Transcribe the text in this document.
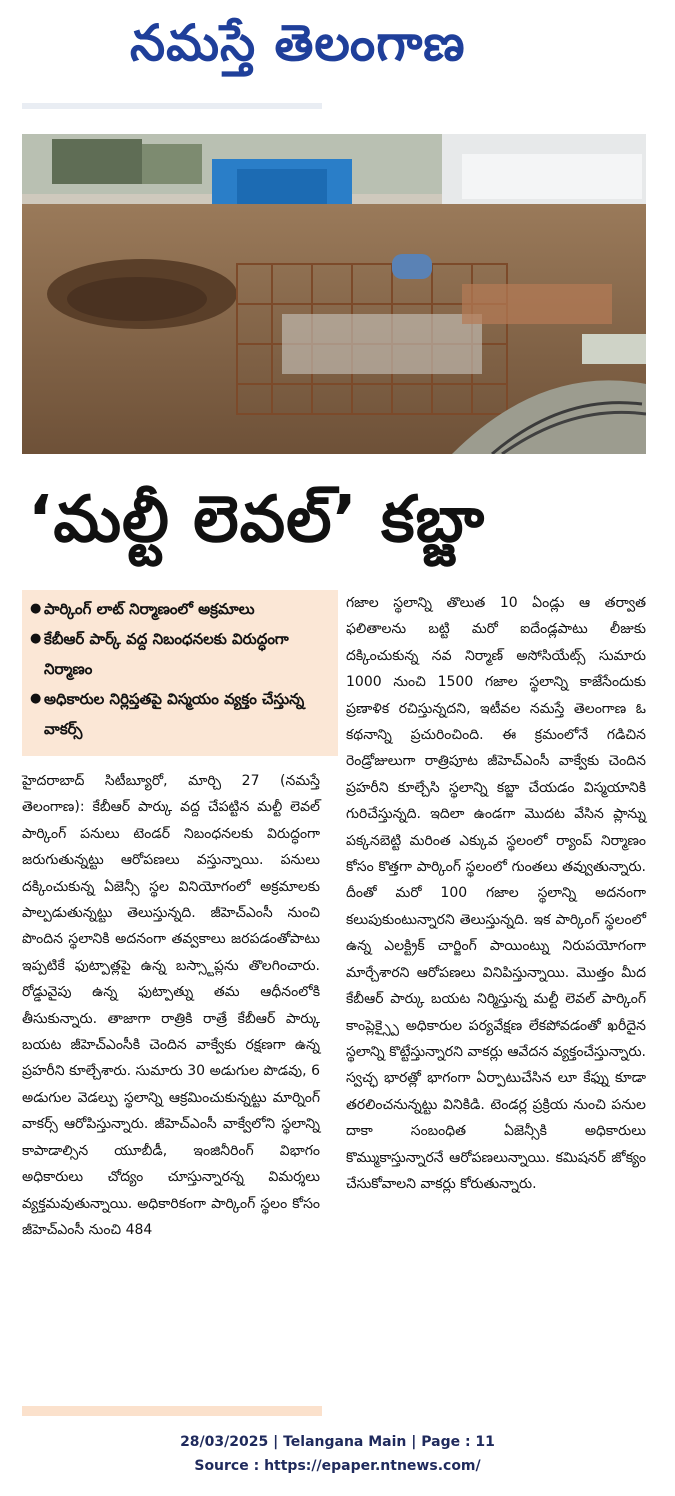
నమస్తే తెలంగాణ
‘మల్టీ లెవల్’ కబ్జా
● పార్కింగ్ లాట్ నిర్మాణంలో అక్రమాలు
● కేబీఆర్ పార్క్ వద్ద నిబంధనలకు విరుద్ధంగా నిర్మాణం
● అధికారుల నిర్లిప్తతపై విస్మయం వ్యక్తం చేస్తున్న వాకర్స్
హైదరాబాద్ సిటీబ్యూరో, మార్చి 27 (నమస్తే తెలంగాణ): కేబీఆర్ పార్కు వద్ద చేపట్టిన మల్టీ లెవల్ పార్కింగ్ పనులు టెండర్ నిబంధనలకు విరుద్ధంగా జరుగుతున్నట్టు ఆరోపణలు వస్తున్నాయి. పనులు దక్కించుకున్న ఏజెన్సీ స్థల వినియోగంలో అక్రమాలకు పాల్పడుతున్నట్టు తెలుస్తున్నది. జీహెచ్ఎంసీ నుంచి పొందిన స్థలానికి అదనంగా తవ్వకాలు జరపడంతోపాటు ఇప్పటికే ఫుట్పాత్లపై ఉన్న బస్స్టాప్లను తొలగించారు. రోడ్డువైపు ఉన్న ఫుట్పాత్ను తమ ఆధీనంలోకి తీసుకున్నారు. తాజాగా రాత్రికి రాత్రే కేబీఆర్ పార్కు బయట జీహెచ్ఎంసీకి చెందిన వాక్వేకు రక్షణగా ఉన్న ప్రహరీని కూల్చేశారు. సుమారు 30 అడుగుల పొడవు, 6 అడుగుల వెడల్పు స్థలాన్ని ఆక్రమించుకున్నట్టు మార్నింగ్ వాకర్స్ ఆరోపిస్తున్నారు. జీహెచ్ఎంసీ వాక్వేలోని స్థలాన్ని కాపాడాల్సిన యూబీడీ, ఇంజినీరింగ్ విభాగం అధికారులు చోద్యం చూస్తున్నారన్న విమర్శలు వ్యక్తమవుతున్నాయి. అధికారికంగా పార్కింగ్ స్థలం కోసం జీహెచ్ఎంసీ నుంచి 484
గజాల స్థలాన్ని తొలుత 10 ఏండ్లు ఆ తర్వాత ఫలితాలను బట్టి మరో ఐదేండ్లపాటు లీజుకు దక్కించుకున్న నవ నిర్మాణ్ అసోసియేట్స్ సుమారు 1000 నుంచి 1500 గజాల స్థలాన్ని కాజేసేందుకు ప్రణాళిక రచిస్తున్నదని, ఇటీవల నమస్తే తెలంగాణ ఓ కథనాన్ని ప్రచురించింది. ఈ క్రమంలోనే గడిచిన రెండ్రోజులుగా రాత్రిపూట జీహెచ్ఎంసీ వాక్వేకు చెందిన ప్రహరీని కూల్చేసి స్థలాన్ని కబ్జా చేయడం విస్మయానికి గురిచేస్తున్నది. ఇదిలా ఉండగా మొదట వేసిన ప్లాన్ను పక్కనబెట్టి మరింత ఎక్కువ స్థలంలో ర్యాంప్ నిర్మాణం కోసం కొత్తగా పార్కింగ్ స్థలంలో గుంతలు తవ్వుతున్నారు. దీంతో మరో 100 గజాల స్థలాన్ని అదనంగా కలుపుకుంటున్నారని తెలుస్తున్నది. ఇక పార్కింగ్ స్థలంలో ఉన్న ఎలక్ట్రిక్ చార్జింగ్ పాయింట్ను నిరుపయోగంగా మార్చేశారని ఆరోపణలు వినిపిస్తున్నాయి. మొత్తం మీద కేబీఆర్ పార్కు బయట నిర్మిస్తున్న మల్టీ లెవల్ పార్కింగ్ కాంప్లెక్స్పై అధికారుల పర్యవేక్షణ లేకపోవడంతో ఖరీదైన స్థలాన్ని కొట్టేస్తున్నారని వాకర్లు ఆవేదన వ్యక్తంచేస్తున్నారు. స్వచ్ఛ భారత్లో భాగంగా ఏర్పాటుచేసిన లూ కేఫ్ను కూడా తరలించనున్నట్టు వినికిడి. టెండర్ల ప్రక్రియ నుంచి పనుల దాకా సంబంధిత ఏజెన్సీకి అధికారులు కొమ్ముకాస్తున్నారనే ఆరోపణలున్నాయి. కమిషనర్ జోక్యం చేసుకోవాలని వాకర్లు కోరుతున్నారు.
28/03/2025 | Telangana Main | Page : 11
Source : https://epaper.ntnews.com/
